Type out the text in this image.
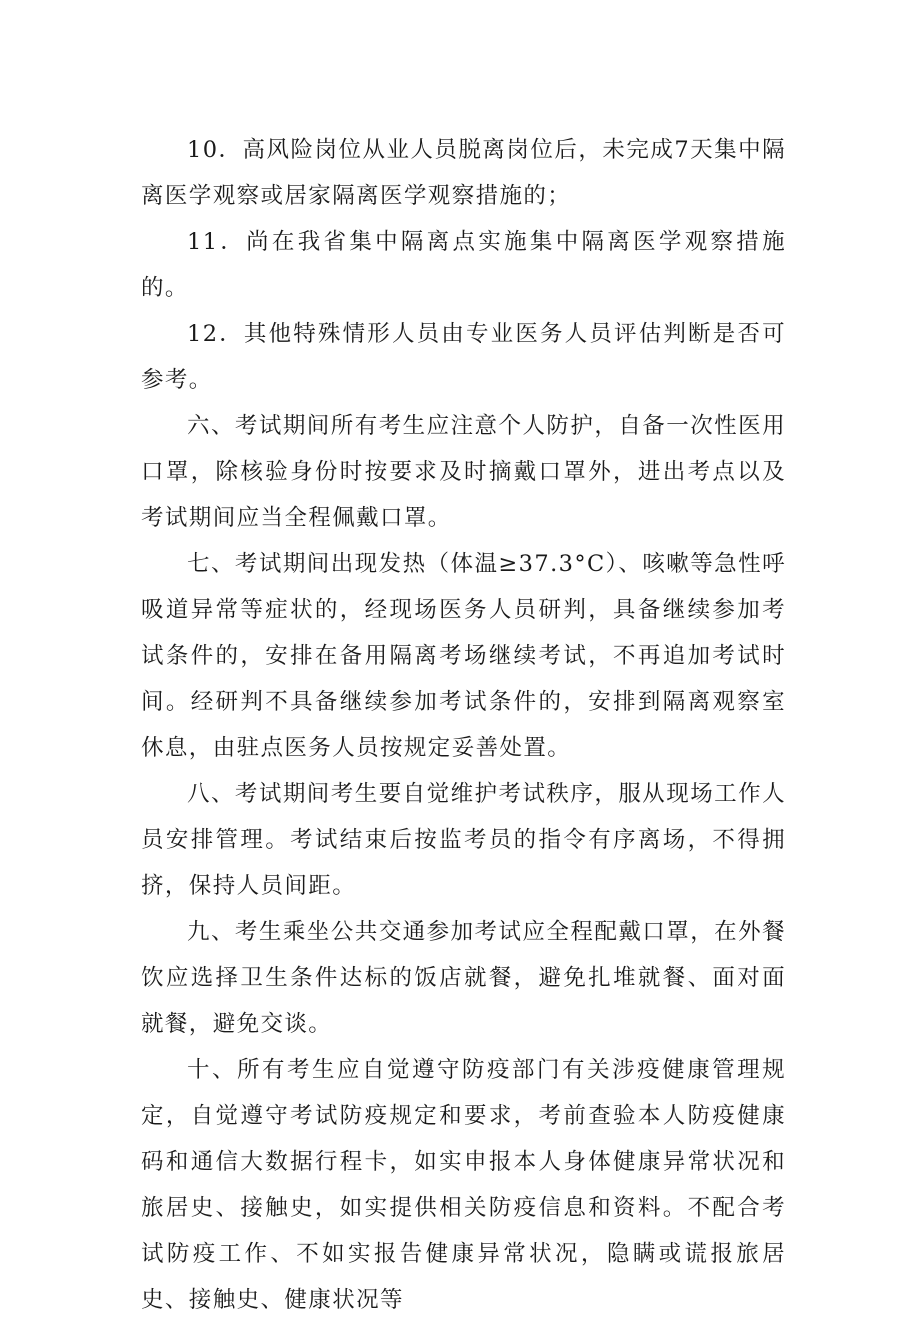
10．高风险岗位从业人员脱离岗位后，未完成7天集中隔离医学观察或居家隔离医学观察措施的；

11．尚在我省集中隔离点实施集中隔离医学观察措施的。

12．其他特殊情形人员由专业医务人员评估判断是否可参考。

六、考试期间所有考生应注意个人防护，自备一次性医用口罩，除核验身份时按要求及时摘戴口罩外，进出考点以及考试期间应当全程佩戴口罩。

七、考试期间出现发热（体温≥37.3°C）、咳嗽等急性呼吸道异常等症状的，经现场医务人员研判，具备继续参加考试条件的，安排在备用隔离考场继续考试，不再追加考试时间。经研判不具备继续参加考试条件的，安排到隔离观察室休息，由驻点医务人员按规定妥善处置。

八、考试期间考生要自觉维护考试秩序，服从现场工作人员安排管理。考试结束后按监考员的指令有序离场，不得拥挤，保持人员间距。

九、考生乘坐公共交通参加考试应全程配戴口罩，在外餐饮应选择卫生条件达标的饭店就餐，避免扎堆就餐、面对面就餐，避免交谈。

十、所有考生应自觉遵守防疫部门有关涉疫健康管理规定，自觉遵守考试防疫规定和要求，考前查验本人防疫健康码和通信大数据行程卡，如实申报本人身体健康异常状况和旅居史、接触史，如实提供相关防疫信息和资料。不配合考试防疫工作、不如实报告健康异常状况，隐瞒或谎报旅居史、接触史、健康状况等
